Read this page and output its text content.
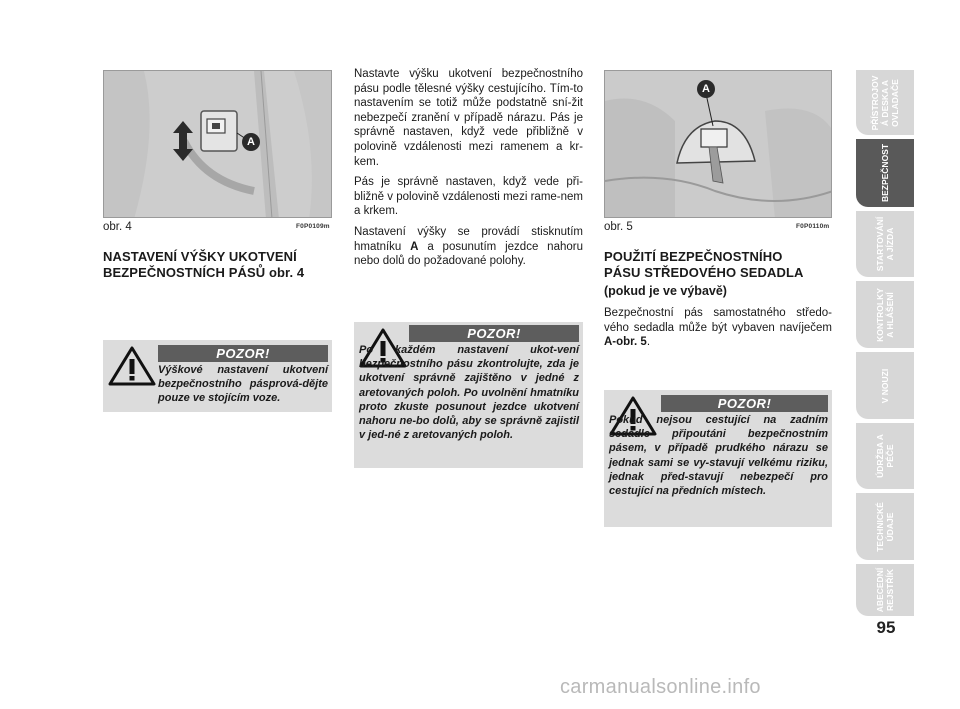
A
obr. 4	F0P0109m
NASTAVENÍ VÝŠKY UKOTVENÍ
BEZPEČNOSTNÍCH PÁSŮ obr. 4
POZOR!
Výškové nastavení ukotvení bezpečnostního pásprová-dějte pouze ve stojícím voze.

Nastavte výšku ukotvení bezpečnostního pásu podle tělesné výšky cestujícího. Tím-to nastavením se totiž může podstatně sní-žit nebezpečí zranění v případě nárazu. Pás je správně nastaven, když vede přibližně v polovině vzdálenosti mezi ramenem a kr-kem.

Pás je správně nastaven, když vede při-bližně v polovině vzdálenosti mezi rame-nem a krkem.

Nastavení výšky se provádí stisknutím hmatníku A a posunutím jezdce nahoru nebo dolů do požadované polohy.

POZOR!
Po každém nastavení ukot-vení bezpečnostního pásu zkontrolujte, zda je ukotvení správně zajištěno v jedné z aretovaných poloh. Po uvolnění hmatníku proto zkuste posunout jezdce ukotvení nahoru ne-bo dolů, aby se správně zajistil v jed-né z aretovaných poloh.
A
obr. 5	F0P0110m
POUŽITÍ BEZPEČNOSTNÍHO
PÁSU STŘEDOVÉHO SEDADLA
(pokud je ve výbavě)
Bezpečnostní pás samostatného středo-vého sedadla může být vybaven navíječem A-obr. 5.
POZOR!
Pokud nejsou cestující na zadním sedadle připoutáni bezpečnostním pásem, v případě prudkého nárazu se jednak sami se vy-stavují velkému riziku, jednak před-stavují nebezpečí pro cestující na předních místech.
PŘÍSTROJOV
Á DESKA A
OVLADAČE
BEZPEČNOST
STARTOVÁNÍ
A JÍZDA
KONTROLKY
A HLÁŠENÍ
V NOUZI
ÚDRŽBA A
PÉČE
TECHNICKÉ
ÚDAJE
ABECEDNÍ
REJSTŘÍK
95
carmanualsonline.info
